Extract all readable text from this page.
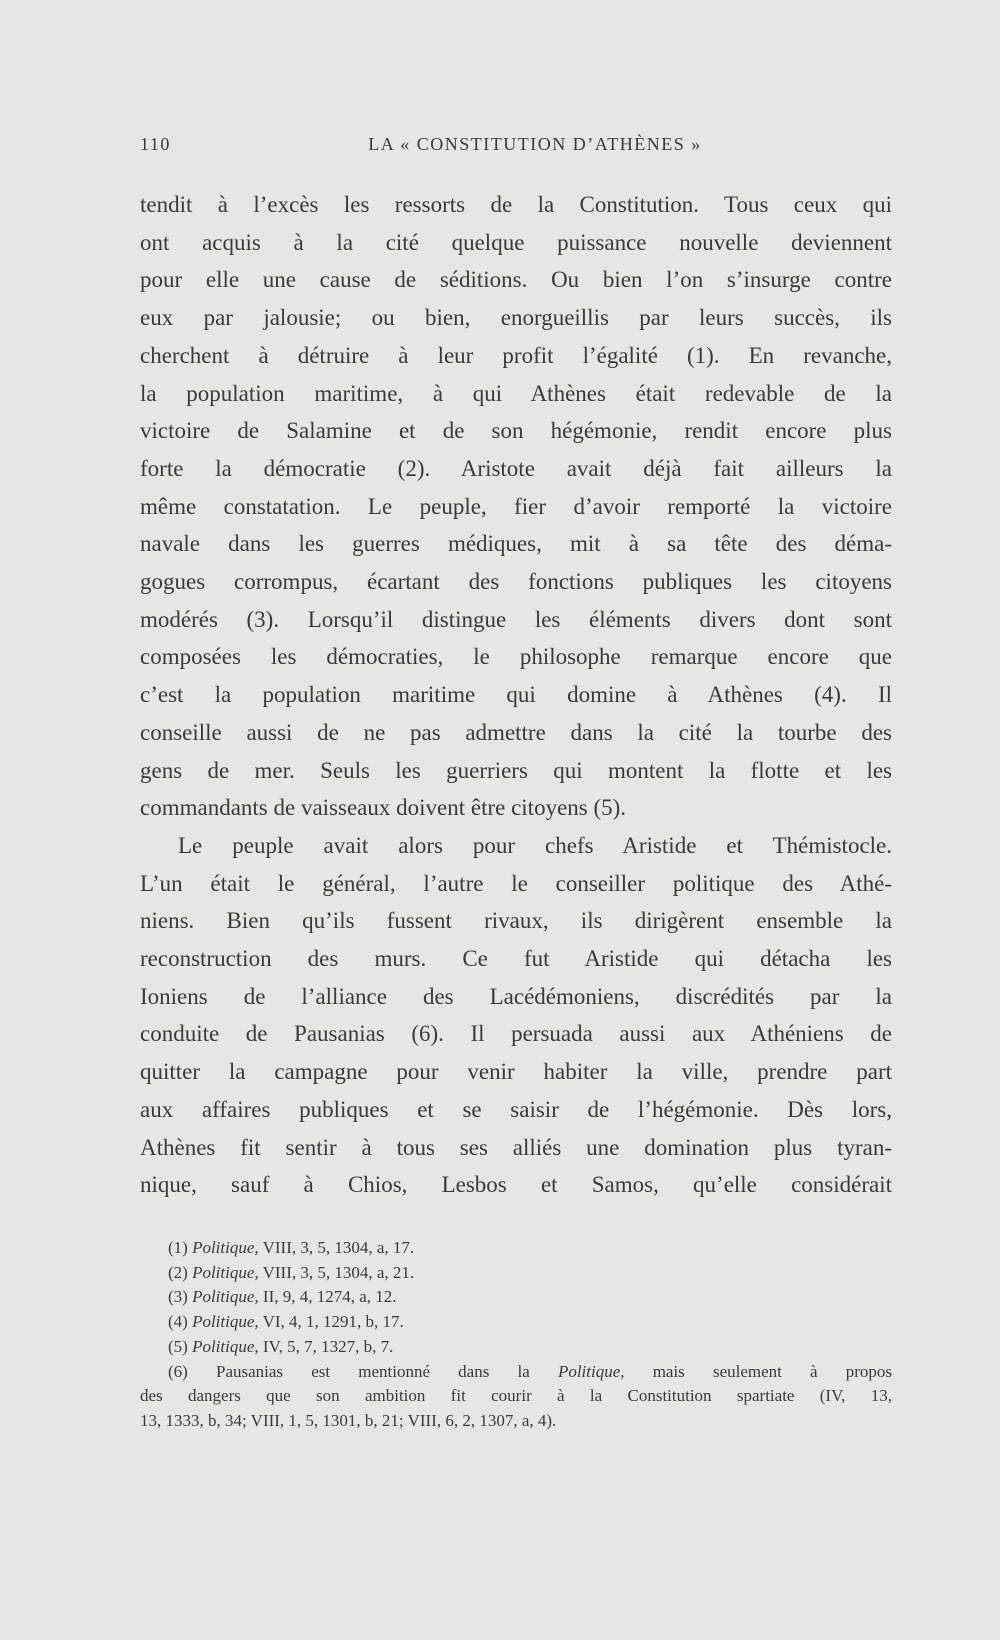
110	LA « CONSTITUTION D’ATHÈNES »
tendit à l’excès les ressorts de la Constitution. Tous ceux qui
ont acquis à la cité quelque puissance nouvelle deviennent
pour elle une cause de séditions. Ou bien l’on s’insurge contre
eux par jalousie; ou bien, enorgueillis par leurs succès, ils
cherchent à détruire à leur profit l’égalité (1). En revanche,
la population maritime, à qui Athènes était redevable de la
victoire de Salamine et de son hégémonie, rendit encore plus
forte la démocratie (2). Aristote avait déjà fait ailleurs la
même constatation. Le peuple, fier d’avoir remporté la victoire
navale dans les guerres médiques, mit à sa tête des déma-
gogues corrompus, écartant des fonctions publiques les citoyens
modérés (3). Lorsqu’il distingue les éléments divers dont sont
composées les démocraties, le philosophe remarque encore que
c’est la population maritime qui domine à Athènes (4). Il
conseille aussi de ne pas admettre dans la cité la tourbe des
gens de mer. Seuls les guerriers qui montent la flotte et les
commandants de vaisseaux doivent être citoyens (5).
Le peuple avait alors pour chefs Aristide et Thémistocle.
L’un était le général, l’autre le conseiller politique des Athé-
niens. Bien qu’ils fussent rivaux, ils dirigèrent ensemble la
reconstruction des murs. Ce fut Aristide qui détacha les
Ioniens de l’alliance des Lacédémoniens, discrédités par la
conduite de Pausanias (6). Il persuada aussi aux Athéniens de
quitter la campagne pour venir habiter la ville, prendre part
aux affaires publiques et se saisir de l’hégémonie. Dès lors,
Athènes fit sentir à tous ses alliés une domination plus tyran-
nique, sauf à Chios, Lesbos et Samos, qu’elle considérait
(1) Politique, VIII, 3, 5, 1304, a, 17.
(2) Politique, VIII, 3, 5, 1304, a, 21.
(3) Politique, II, 9, 4, 1274, a, 12.
(4) Politique, VI, 4, 1, 1291, b, 17.
(5) Politique, IV, 5, 7, 1327, b, 7.
(6) Pausanias est mentionné dans la Politique, mais seulement à propos
des dangers que son ambition fit courir à la Constitution spartiate (IV, 13,
13, 1333, b, 34; VIII, 1, 5, 1301, b, 21; VIII, 6, 2, 1307, a, 4).
